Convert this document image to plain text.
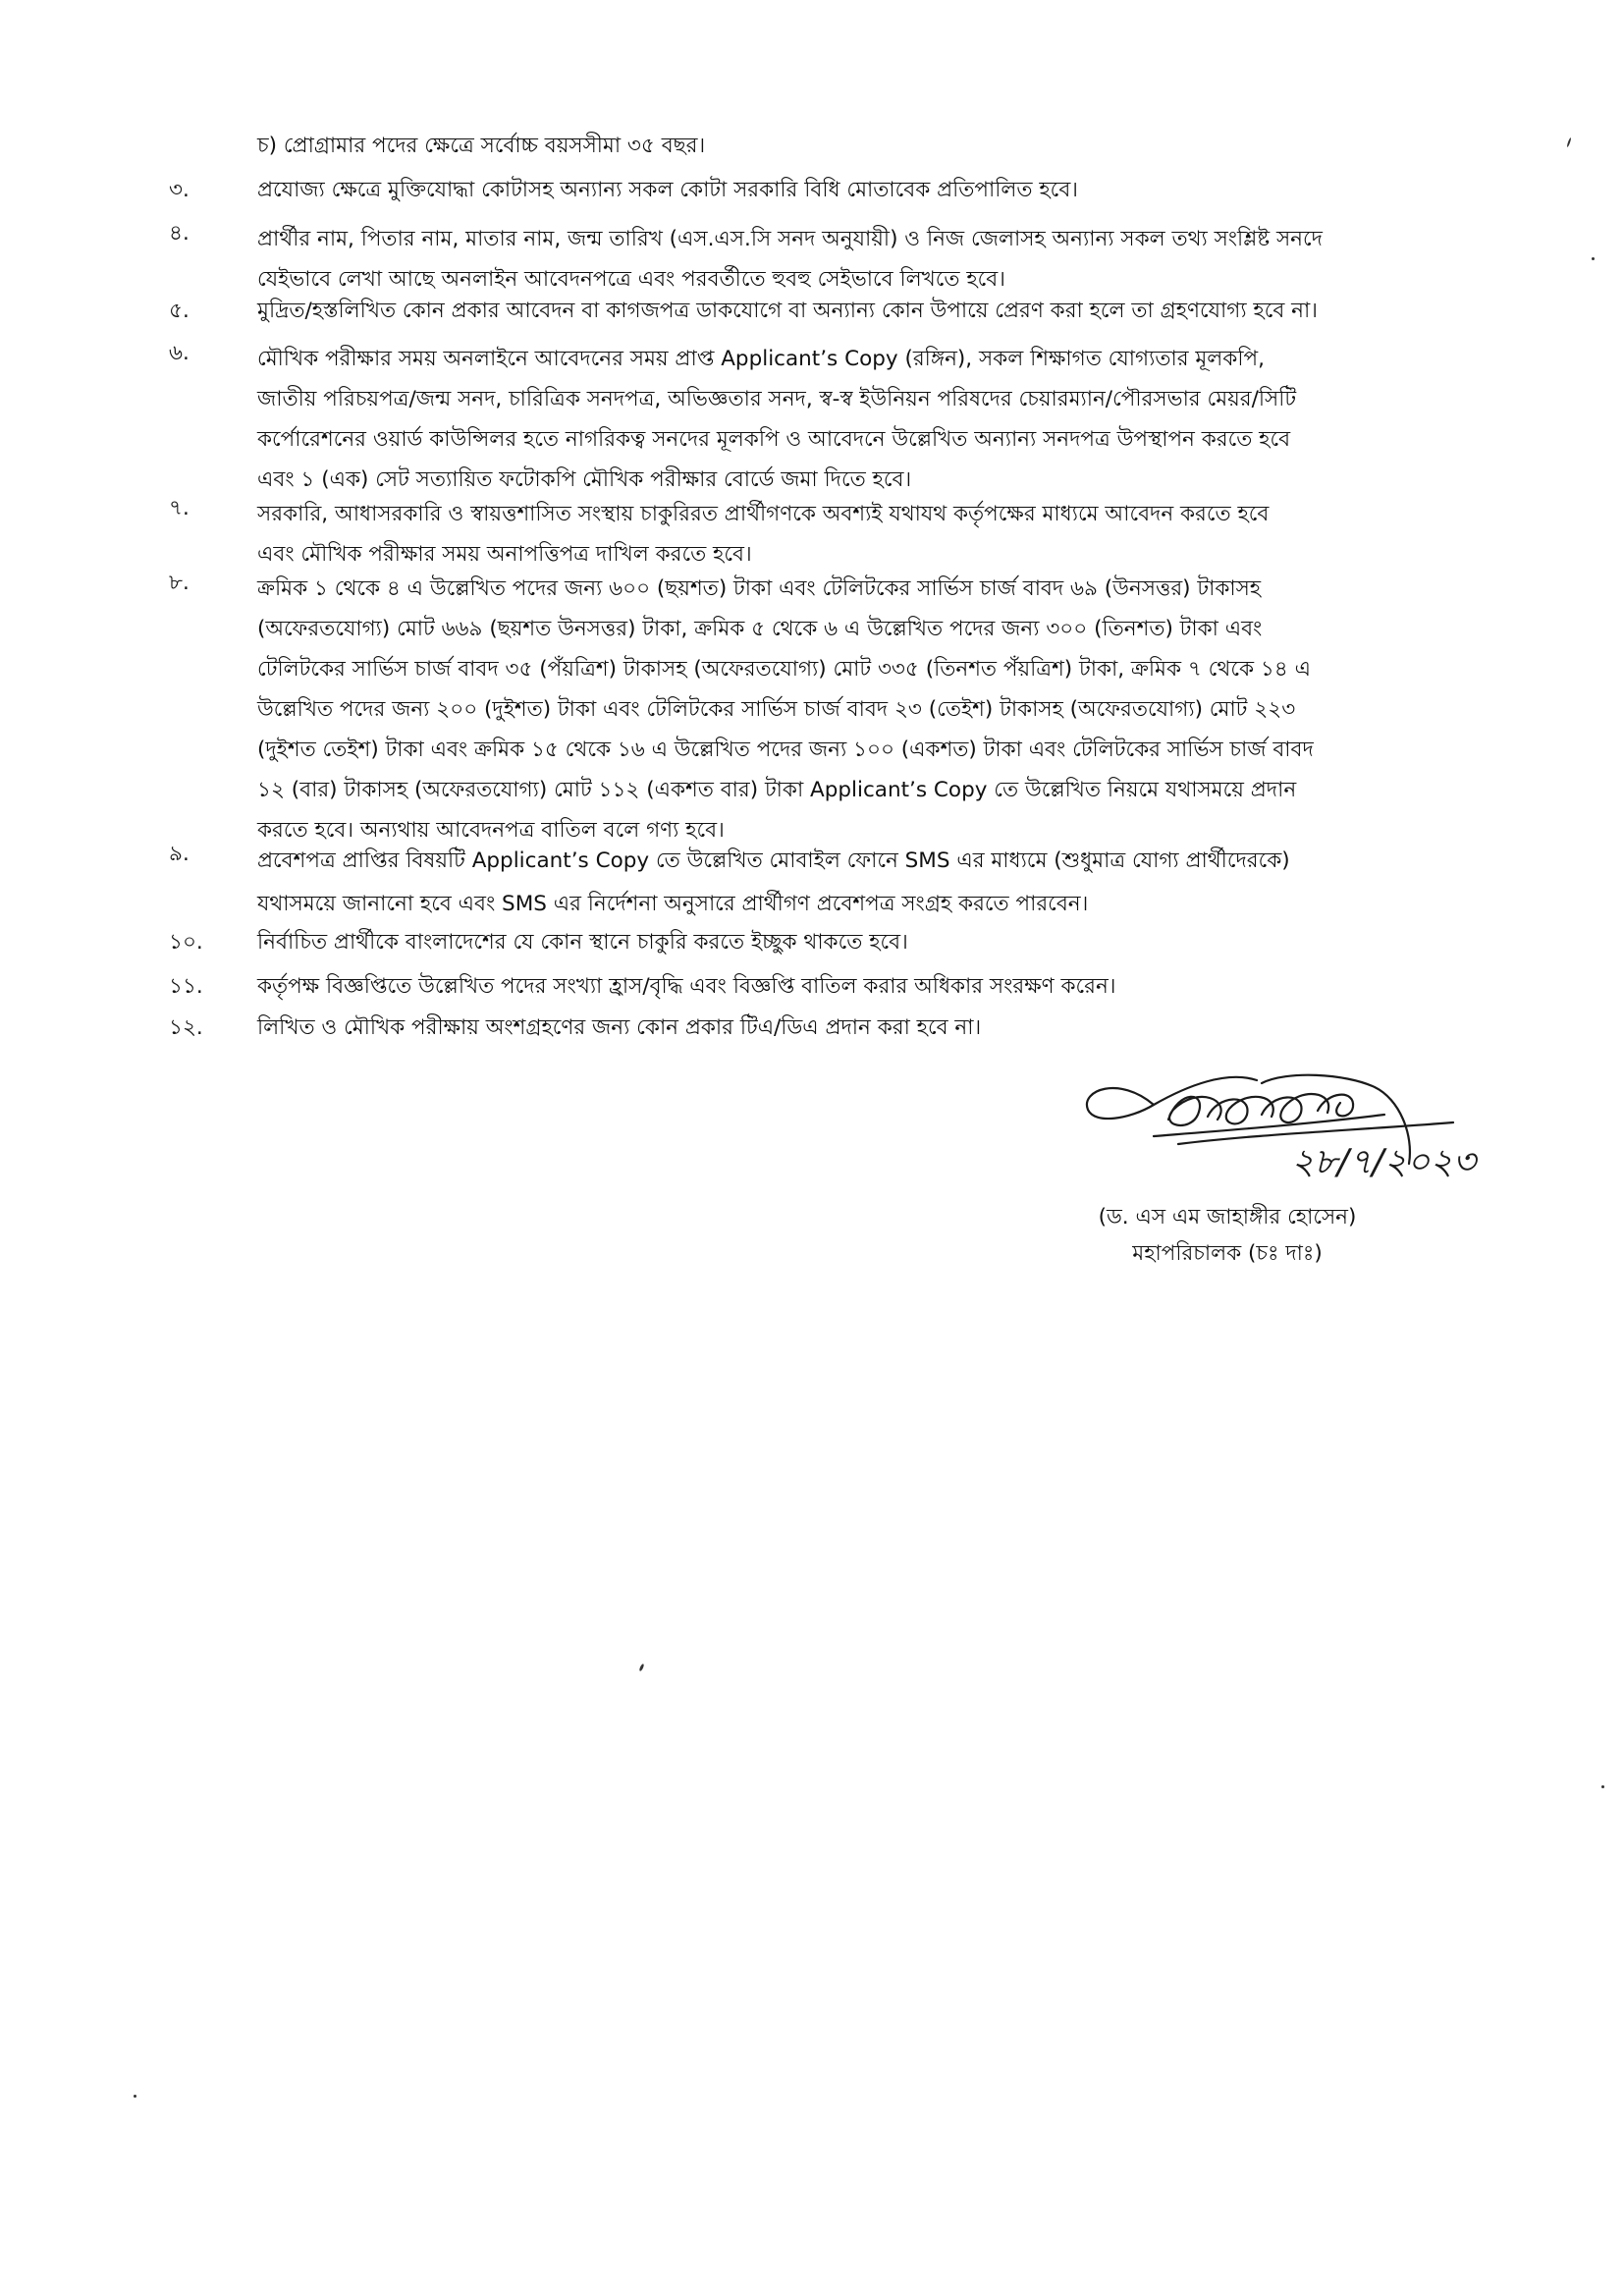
চ) প্রোগ্রামার পদের ক্ষেত্রে সর্বোচ্চ বয়সসীমা ৩৫ বছর।
৩.	প্রযোজ্য ক্ষেত্রে মুক্তিযোদ্ধা কোটাসহ অন্যান্য সকল কোটা সরকারি বিধি মোতাবেক প্রতিপালিত হবে।
৪.	প্রার্থীর নাম, পিতার নাম, মাতার নাম, জন্ম তারিখ (এস.এস.সি সনদ অনুযায়ী) ও নিজ জেলাসহ অন্যান্য সকল তথ্য সংশ্লিষ্ট সনদে
যেইভাবে লেখা আছে অনলাইন আবেদনপত্রে এবং পরবর্তীতে হুবহু সেইভাবে লিখতে হবে।
৫.	মুদ্রিত/হস্তলিখিত কোন প্রকার আবেদন বা কাগজপত্র ডাকযোগে বা অন্যান্য কোন উপায়ে প্রেরণ করা হলে তা গ্রহণযোগ্য হবে না।
৬.	মৌখিক পরীক্ষার সময় অনলাইনে আবেদনের সময় প্রাপ্ত Applicant’s Copy (রঙ্গিন), সকল শিক্ষাগত যোগ্যতার মূলকপি,
জাতীয় পরিচয়পত্র/জন্ম সনদ, চারিত্রিক সনদপত্র, অভিজ্ঞতার সনদ, স্ব-স্ব ইউনিয়ন পরিষদের চেয়ারম্যান/পৌরসভার মেয়র/সিটি
কর্পোরেশনের ওয়ার্ড কাউন্সিলর হতে নাগরিকত্ব সনদের মূলকপি ও আবেদনে উল্লেখিত অন্যান্য সনদপত্র উপস্থাপন করতে হবে
এবং ১ (এক) সেট সত্যায়িত ফটোকপি মৌখিক পরীক্ষার বোর্ডে জমা দিতে হবে।
৭.	সরকারি, আধাসরকারি ও স্বায়ত্তশাসিত সংস্থায় চাকুরিরত প্রার্থীগণকে অবশ্যই যথাযথ কর্তৃপক্ষের মাধ্যমে আবেদন করতে হবে
এবং মৌখিক পরীক্ষার সময় অনাপত্তিপত্র দাখিল করতে হবে।
৮.	ক্রমিক ১ থেকে ৪ এ উল্লেখিত পদের জন্য ৬০০ (ছয়শত) টাকা এবং টেলিটকের সার্ভিস চার্জ বাবদ ৬৯ (উনসত্তর) টাকাসহ
(অফেরতযোগ্য) মোট ৬৬৯ (ছয়শত উনসত্তর) টাকা, ক্রমিক ৫ থেকে ৬ এ উল্লেখিত পদের জন্য ৩০০ (তিনশত) টাকা এবং
টেলিটকের সার্ভিস চার্জ বাবদ ৩৫ (পঁয়ত্রিশ) টাকাসহ (অফেরতযোগ্য) মোট ৩৩৫ (তিনশত পঁয়ত্রিশ) টাকা, ক্রমিক ৭ থেকে ১৪ এ
উল্লেখিত পদের জন্য ২০০ (দুইশত) টাকা এবং টেলিটকের সার্ভিস চার্জ বাবদ ২৩ (তেইশ) টাকাসহ (অফেরতযোগ্য) মোট ২২৩
(দুইশত তেইশ) টাকা এবং ক্রমিক ১৫ থেকে ১৬ এ উল্লেখিত পদের জন্য ১০০ (একশত) টাকা এবং টেলিটকের সার্ভিস চার্জ বাবদ
১২ (বার) টাকাসহ (অফেরতযোগ্য) মোট ১১২ (একশত বার) টাকা Applicant’s Copy তে উল্লেখিত নিয়মে যথাসময়ে প্রদান
করতে হবে। অন্যথায় আবেদনপত্র বাতিল বলে গণ্য হবে।
৯.	প্রবেশপত্র প্রাপ্তির বিষয়টি Applicant’s Copy তে উল্লেখিত মোবাইল ফোনে SMS এর মাধ্যমে (শুধুমাত্র যোগ্য প্রার্থীদেরকে)
যথাসময়ে জানানো হবে এবং SMS এর নির্দেশনা অনুসারে প্রার্থীগণ প্রবেশপত্র সংগ্রহ করতে পারবেন।
১০.	নির্বাচিত প্রার্থীকে বাংলাদেশের যে কোন স্থানে চাকুরি করতে ইচ্ছুক থাকতে হবে।
১১.	কর্তৃপক্ষ বিজ্ঞপ্তিতে উল্লেখিত পদের সংখ্যা হ্রাস/বৃদ্ধি এবং বিজ্ঞপ্তি বাতিল করার অধিকার সংরক্ষণ করেন।
১২.	লিখিত ও মৌখিক পরীক্ষায় অংশগ্রহণের জন্য কোন প্রকার টিএ/ডিএ প্রদান করা হবে না।
২৮/৭/২০২৩
(ড. এস এম জাহাঙ্গীর হোসেন)
মহাপরিচালক (চঃ দাঃ)
